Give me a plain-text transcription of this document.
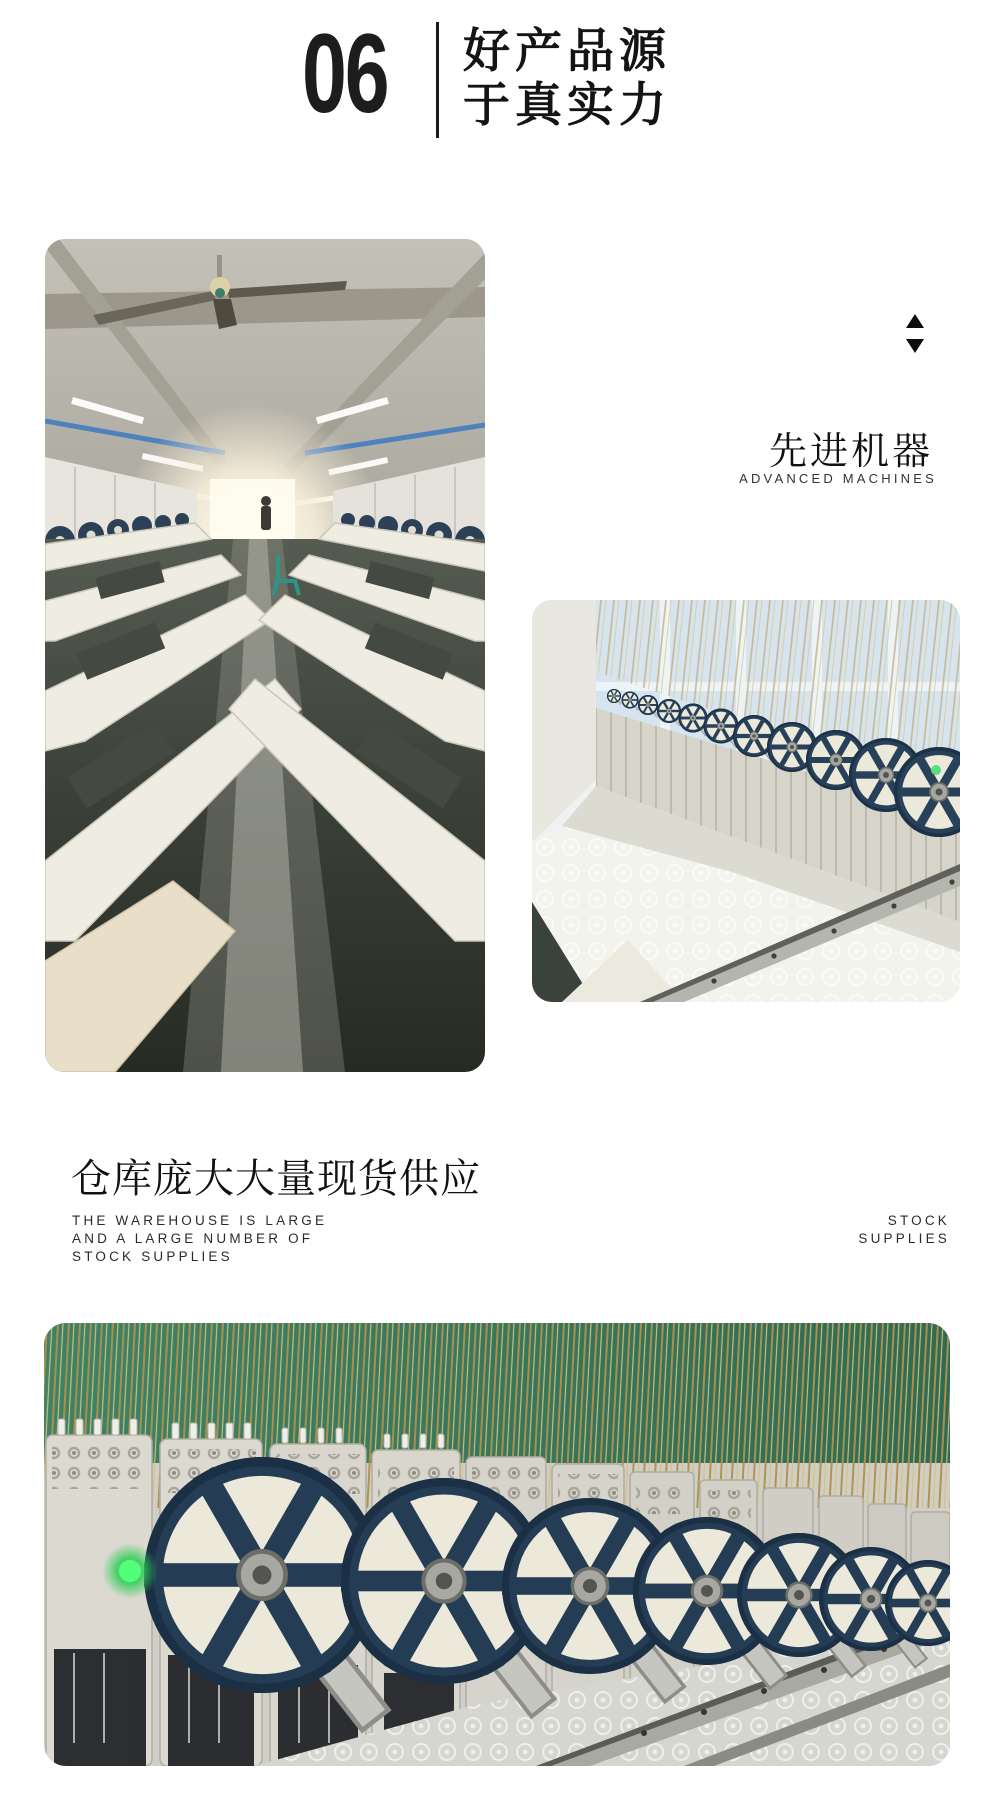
06 好产品源
于真实力
先进机器
ADVANCED MACHINES
仓库庞大大量现货供应
THE WAREHOUSE IS LARGE
AND A LARGE NUMBER OF
STOCK SUPPLIES
STOCK
SUPPLIES
